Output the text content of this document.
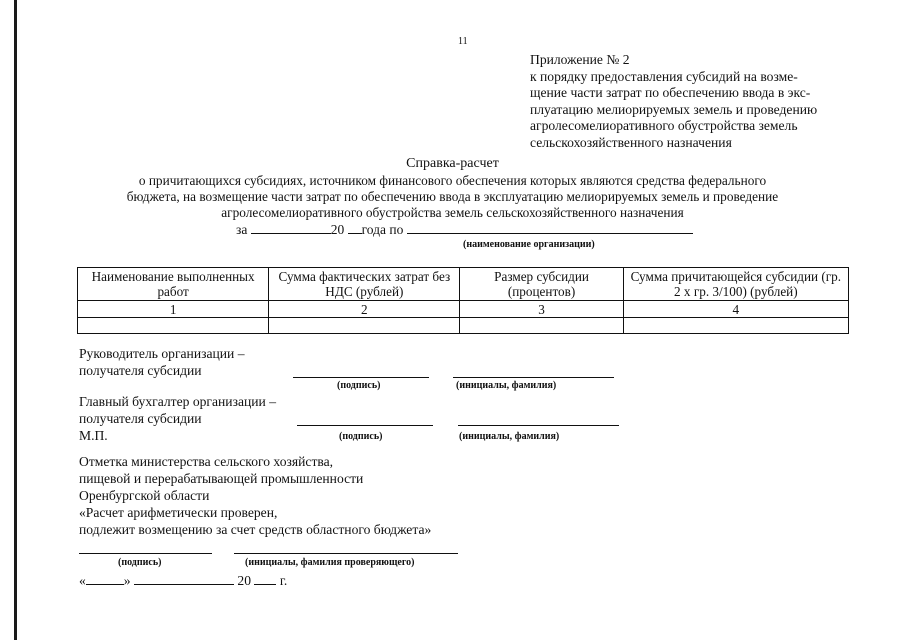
11
Приложение № 2
к порядку предоставления субсидий на возме-
щение части затрат по обеспечению ввода в экс-
плуатацию мелиорируемых земель и проведению
агролесомелиоративного обустройства земель
сельскохозяйственного назначения
Справка-расчет
о причитающихся субсидиях, источником финансового обеспечения которых являются средства федерального
бюджета, на возмещение части затрат по обеспечению ввода в эксплуатацию мелиорируемых земель и проведение
агролесомелиоративного обустройства земель сельскохозяйственного назначения
за	20 года по
(наименование организации)
Наименование выполненных работ	Сумма фактических затрат без НДС (рублей)	Размер субсидии (процентов)	Сумма причитающейся субсидии (гр. 2 х гр. 3/100) (рублей)
1	2	3	4

Руководитель организации –
получателя субсидии
(подпись)	(инициалы, фамилия)
Главный бухгалтер организации –
получателя субсидии
М.П.	(подпись)	(инициалы, фамилия)
Отметка министерства сельского хозяйства,
пищевой и перерабатывающей промышленности
Оренбургской области
«Расчет арифметически проверен,
подлежит возмещению за счет средств областного бюджета»
(подпись)	(инициалы, фамилия проверяющего)
«	»	20 г.
